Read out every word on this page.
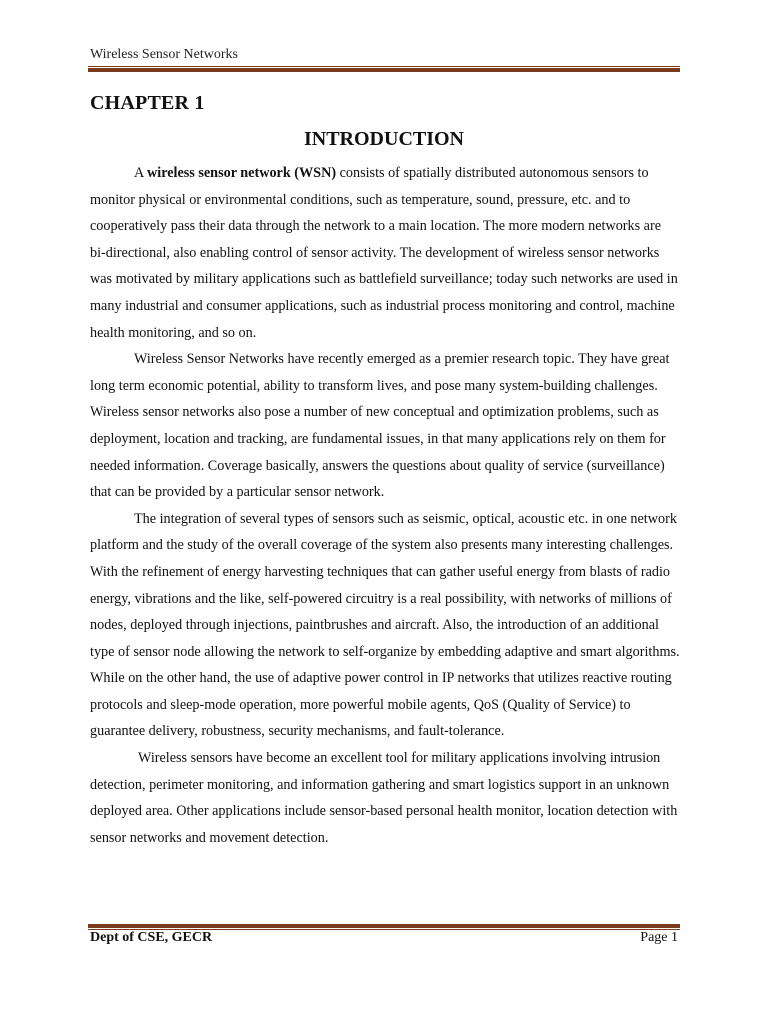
Wireless Sensor Networks
CHAPTER 1
INTRODUCTION

A wireless sensor network (WSN) consists of spatially distributed autonomous sensors to monitor physical or environmental conditions, such as temperature, sound, pressure, etc. and to cooperatively pass their data through the network to a main location. The more modern networks are bi-directional, also enabling control of sensor activity. The development of wireless sensor networks was motivated by military applications such as battlefield surveillance; today such networks are used in many industrial and consumer applications, such as industrial process monitoring and control, machine health monitoring, and so on.

Wireless Sensor Networks have recently emerged as a premier research topic. They have great long term economic potential, ability to transform lives, and pose many system-building challenges. Wireless sensor networks also pose a number of new conceptual and optimization problems, such as deployment, location and tracking, are fundamental issues, in that many applications rely on them for needed information. Coverage basically, answers the questions about quality of service (surveillance) that can be provided by a particular sensor network.

The integration of several types of sensors such as seismic, optical, acoustic etc. in one network platform and the study of the overall coverage of the system also presents many interesting challenges. With the refinement of energy harvesting techniques that can gather useful energy from blasts of radio energy, vibrations and the like, self-powered circuitry is a real possibility, with networks of millions of nodes, deployed through injections, paintbrushes and aircraft. Also, the introduction of an additional type of sensor node allowing the network to self-organize by embedding adaptive and smart algorithms. While on the other hand, the use of adaptive power control in IP networks that utilizes reactive routing protocols and sleep-mode operation, more powerful mobile agents, QoS (Quality of Service) to guarantee delivery, robustness, security mechanisms, and fault-tolerance.

Wireless sensors have become an excellent tool for military applications involving intrusion detection, perimeter monitoring, and information gathering and smart logistics support in an unknown deployed area. Other applications include sensor-based personal health monitor, location detection with sensor networks and movement detection.

Dept of CSE, GECR	Page 1
